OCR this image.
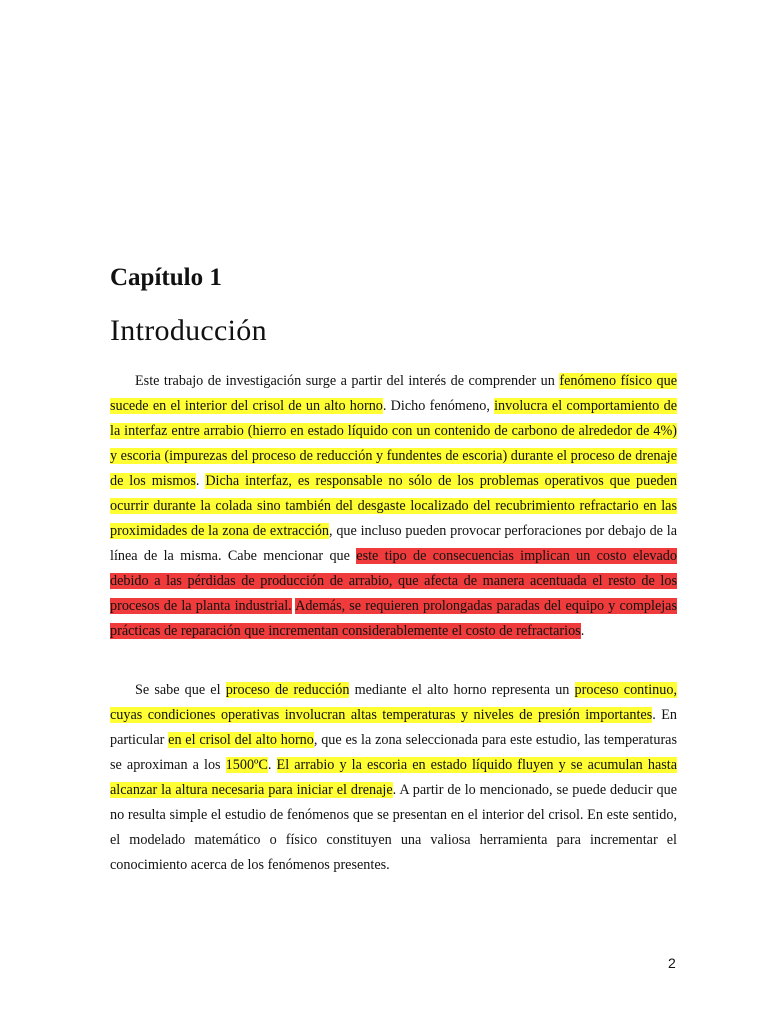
Capítulo 1
Introducción

Este trabajo de investigación surge a partir del interés de comprender un fenómeno físico que sucede en el interior del crisol de un alto horno. Dicho fenómeno, involucra el comportamiento de la interfaz entre arrabio (hierro en estado líquido con un contenido de carbono de alrededor de 4%) y escoria (impurezas del proceso de reducción y fundentes de escoria) durante el proceso de drenaje de los mismos. Dicha interfaz, es responsable no sólo de los problemas operativos que pueden ocurrir durante la colada sino también del desgaste localizado del recubrimiento refractario en las proximidades de la zona de extracción, que incluso pueden provocar perforaciones por debajo de la línea de la misma. Cabe mencionar que este tipo de consecuencias implican un costo elevado debido a las pérdidas de producción de arrabio, que afecta de manera acentuada el resto de los procesos de la planta industrial. Además, se requieren prolongadas paradas del equipo y complejas prácticas de reparación que incrementan considerablemente el costo de refractarios.

Se sabe que el proceso de reducción mediante el alto horno representa un proceso continuo, cuyas condiciones operativas involucran altas temperaturas y niveles de presión importantes. En particular en el crisol del alto horno, que es la zona seleccionada para este estudio, las temperaturas se aproximan a los 1500ºC. El arrabio y la escoria en estado líquido fluyen y se acumulan hasta alcanzar la altura necesaria para iniciar el drenaje. A partir de lo mencionado, se puede deducir que no resulta simple el estudio de fenómenos que se presentan en el interior del crisol. En este sentido, el modelado matemático o físico constituyen una valiosa herramienta para incrementar el conocimiento acerca de los fenómenos presentes.

2
